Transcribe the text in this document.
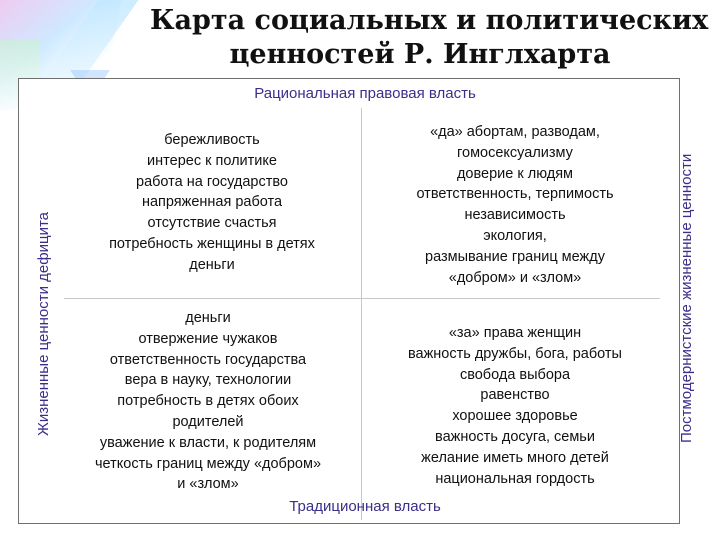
Карта социальных и политических
ценностей Р. Инглхарта
Рациональная правовая власть
Традиционная власть
Жизненные ценности дефицита	Постмодернистские жизненные ценности
бережливость
интерес к политике
работа на государство
напряженная работа
отсутствие счастья
потребность женщины в детях
деньги
«да» абортам, разводам,
гомосексуализму
доверие к людям
ответственность, терпимость
независимость
экология,
размывание границ между
«добром» и «злом»
деньги
отвержение чужаков
ответственность государства
вера в науку, технологии
потребность в детях обоих
родителей
уважение к власти, к родителям
четкость границ между «добром»
и «злом»
«за» права женщин
важность дружбы, бога, работы
свобода выбора
равенство
хорошее здоровье
важность досуга, семьи
желание иметь много детей
национальная гордость
